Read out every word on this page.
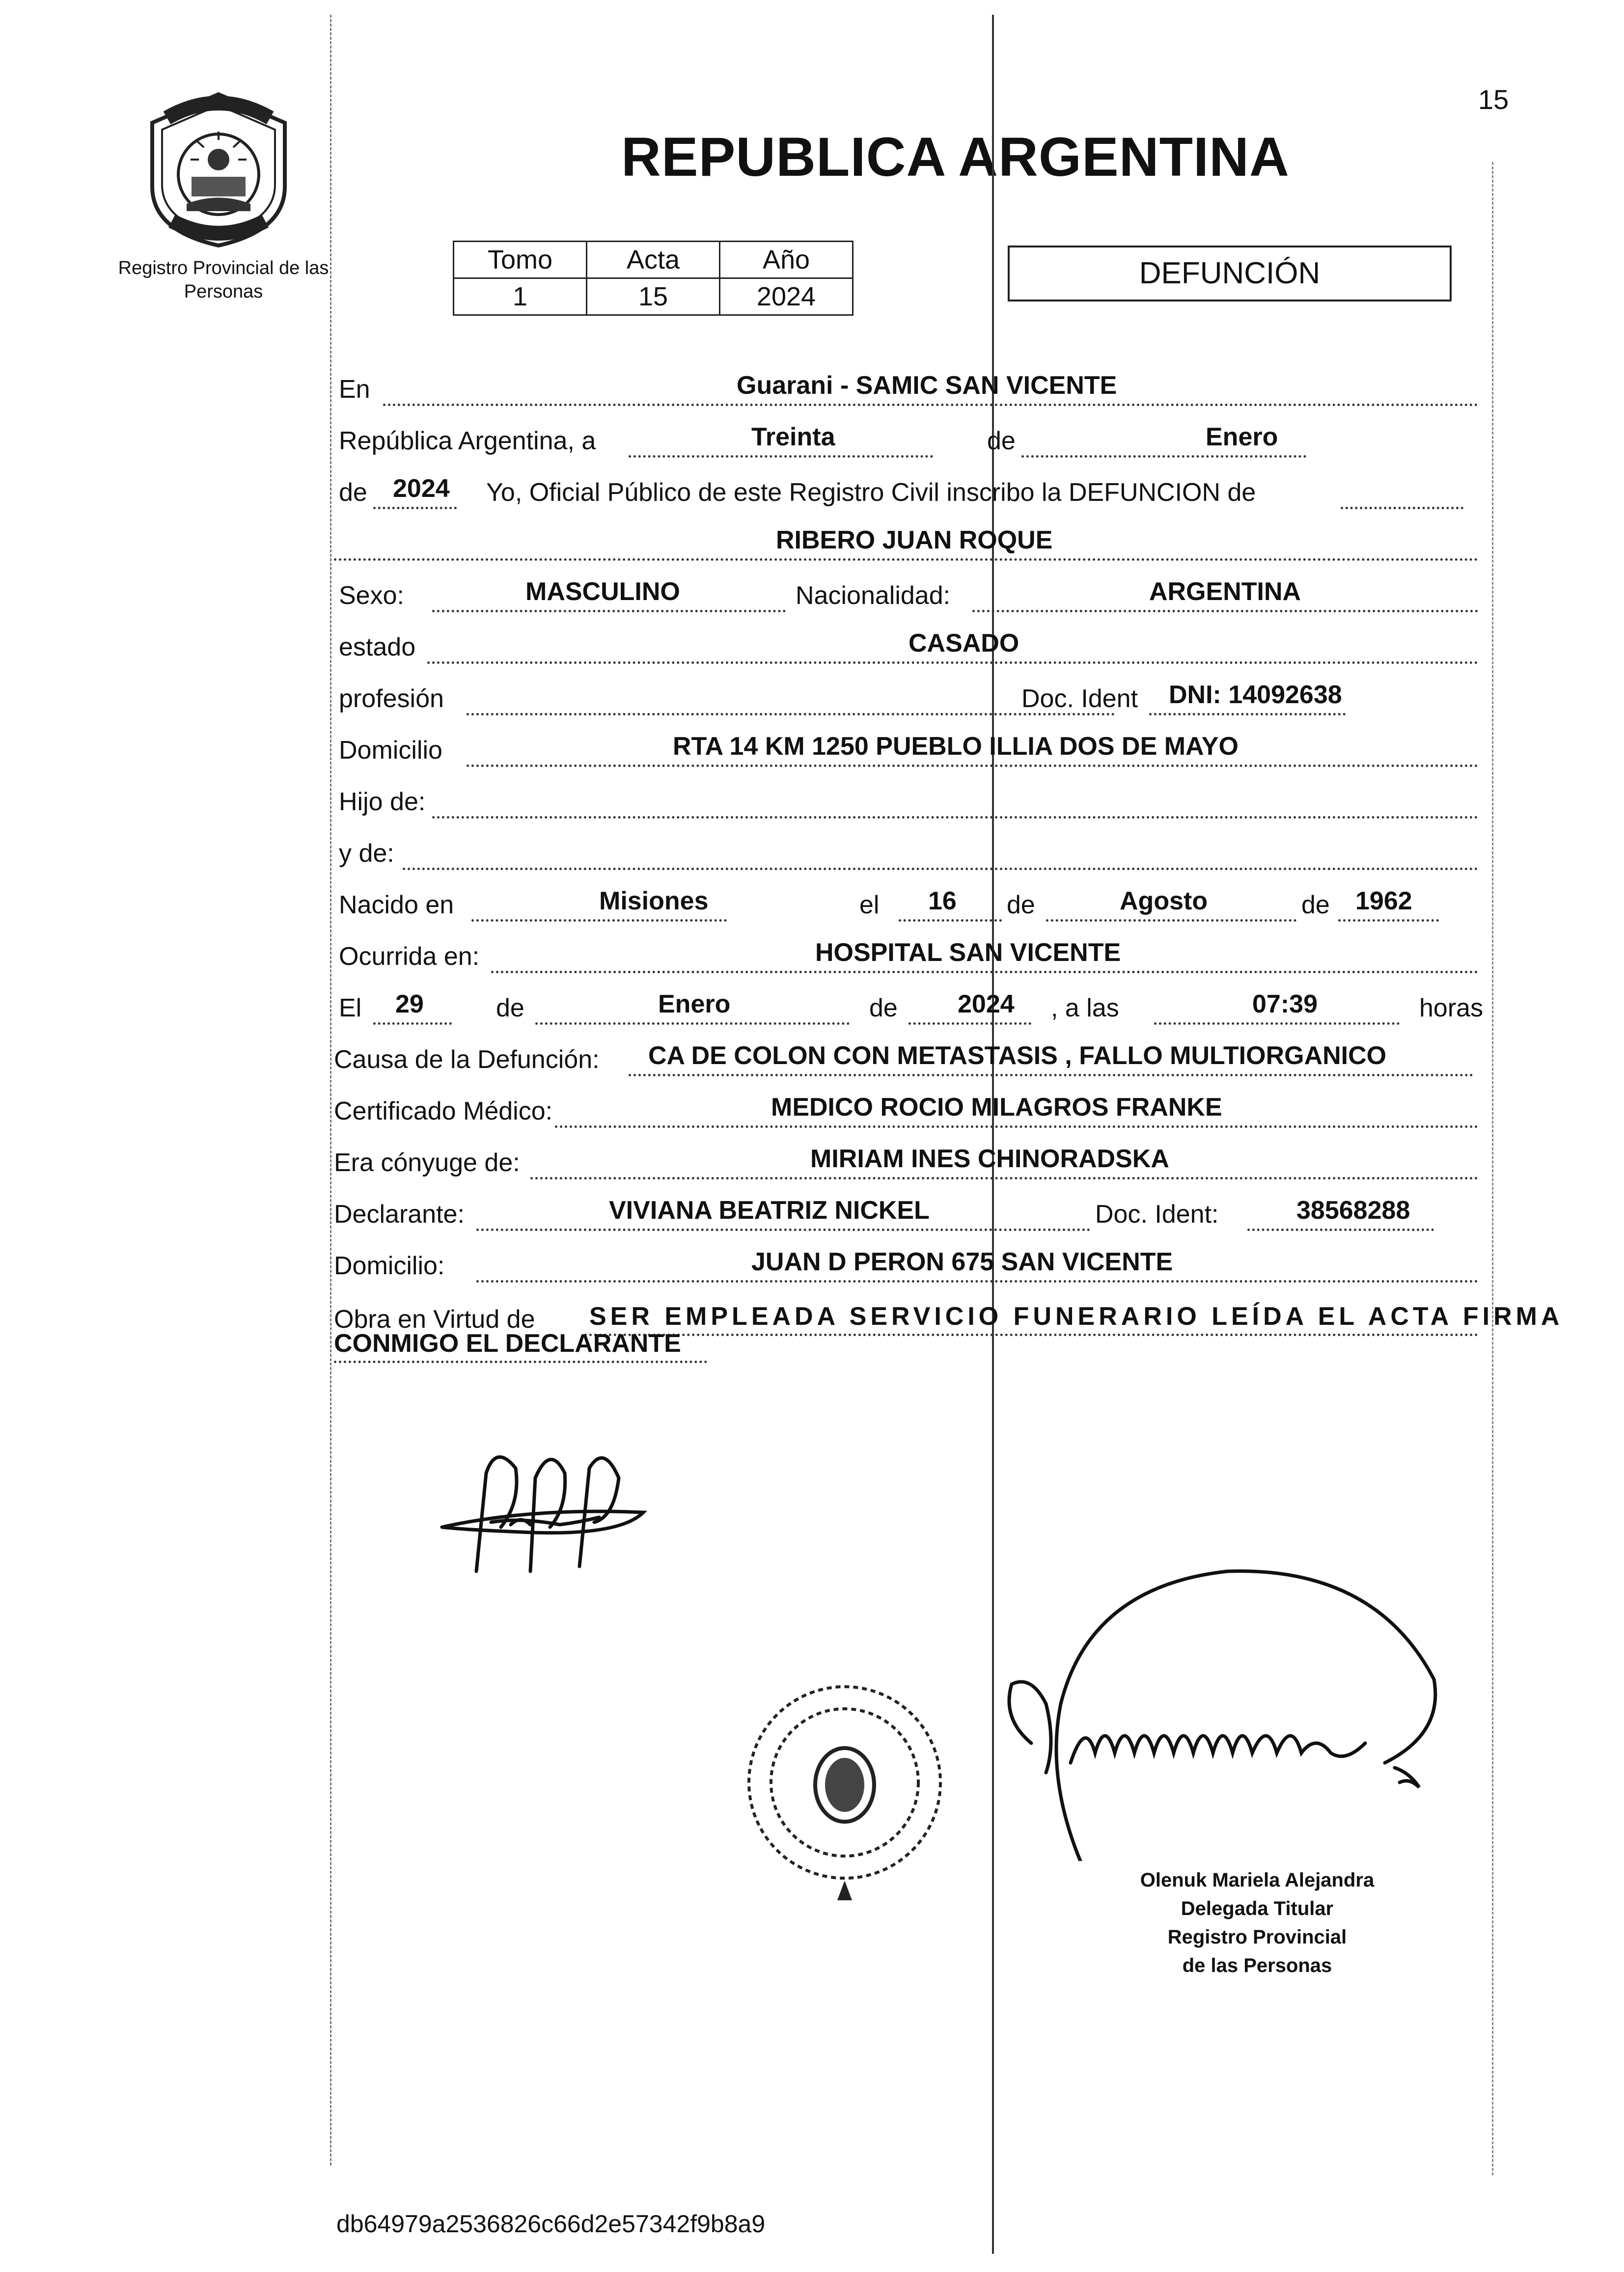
15
REPUBLICA ARGENTINA
Registro Provincial de las Personas
Tomo	Acta	Año
1	15	2024
DEFUNCIÓN
En	Guarani - SAMIC SAN VICENTE
República Argentina, a	Treinta	de	Enero
de 2024 Yo, Oficial Público de este Registro Civil inscribo la DEFUNCION de
RIBERO JUAN ROQUE
Sexo:	MASCULINO	Nacionalidad:	ARGENTINA
estado	CASADO
profesión	Doc. Ident DNI: 14092638
Domicilio	RTA 14 KM 1250 PUEBLO ILLIA DOS DE MAYO
Hijo de:
y de:
Nacido en	Misiones	el 16 de	Agosto	de 1962
Ocurrida en:	HOSPITAL SAN VICENTE
El 29	de	Enero	de 2024 , a las	07:39	horas
Causa de la Defunción: CA DE COLON CON METASTASIS , FALLO MULTIORGANICO
Certificado Médico:	MEDICO ROCIO MILAGROS FRANKE
Era cónyuge de:	MIRIAM INES CHINORADSKA
Declarante:	VIVIANA BEATRIZ NICKEL	Doc. Ident:	38568288
Domicilio:	JUAN D PERON 675 SAN VICENTE
Obra en Virtud de SER EMPLEADA SERVICIO FUNERARIO LEÍDA EL ACTA FIRMA
CONMIGO EL DECLARANTE
Olenuk Mariela Alejandra
Delegada Titular
Registro Provincial
de las Personas
db64979a2536826c66d2e57342f9b8a9
